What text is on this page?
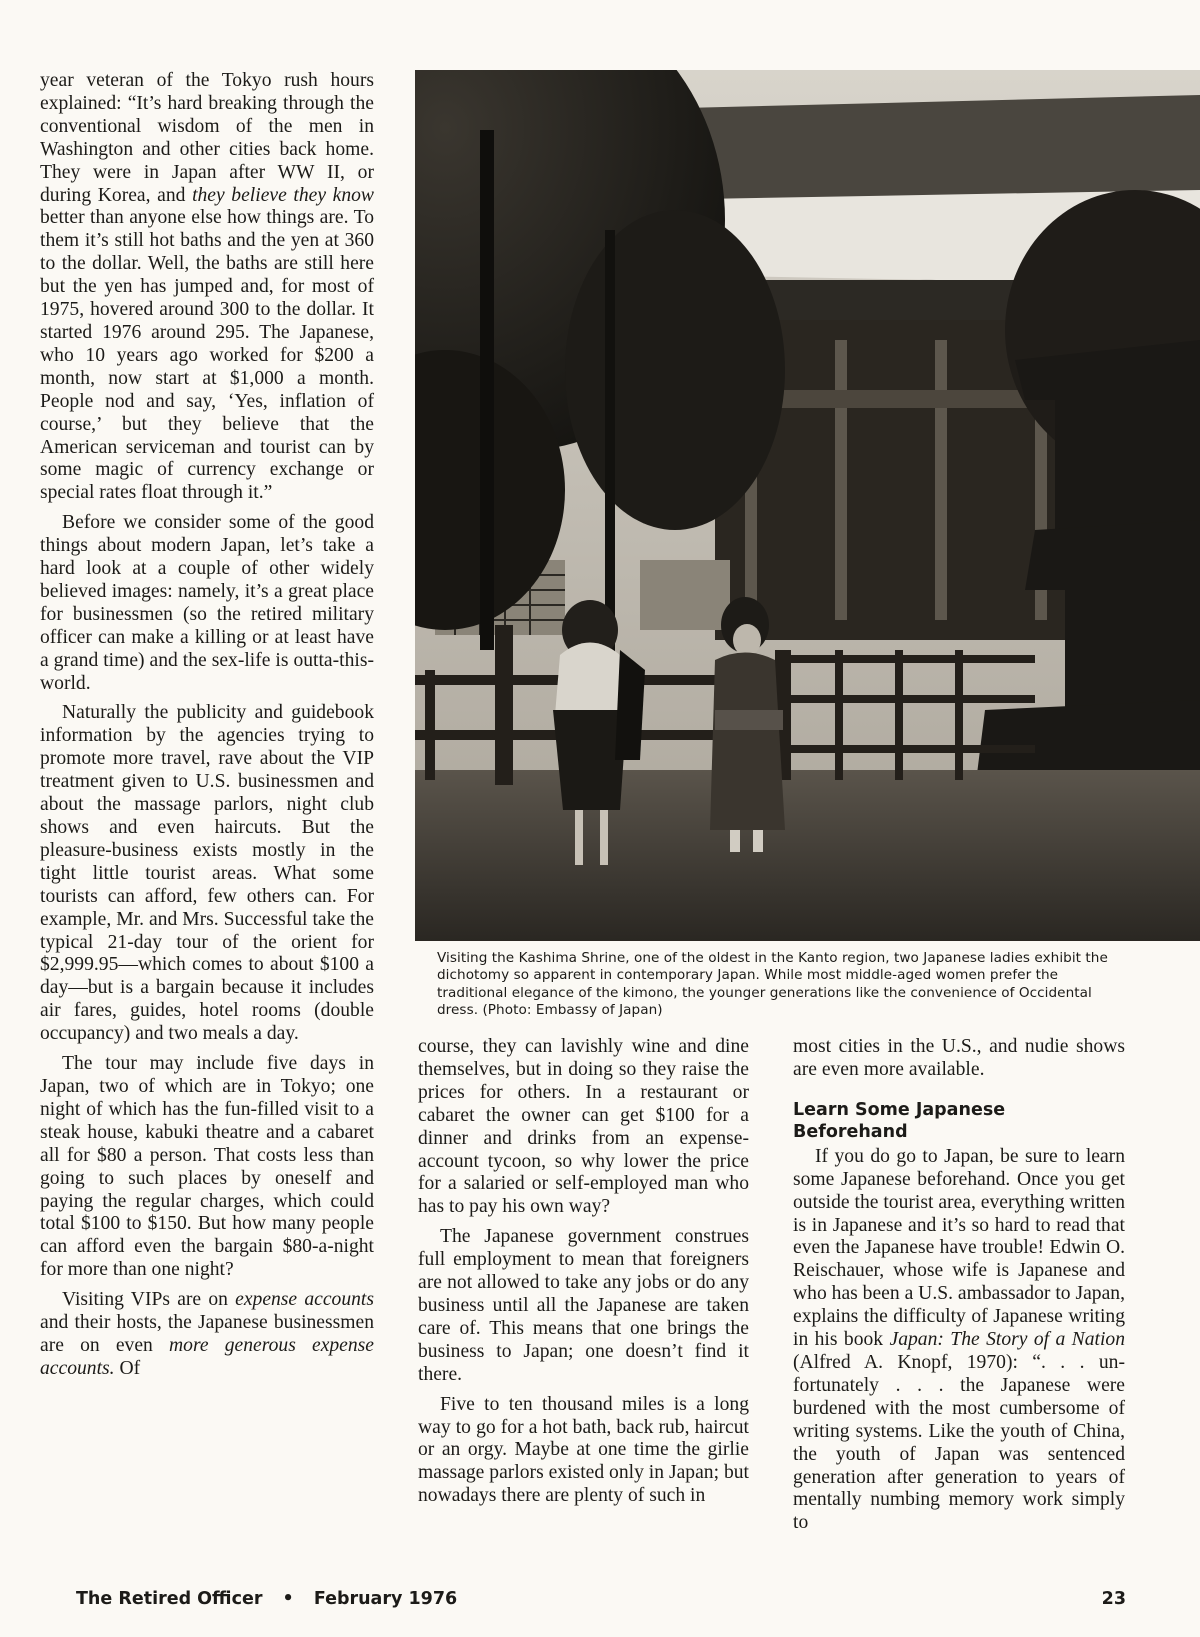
year veteran of the Tokyo rush hours explained: “It’s hard breaking through the conventional wisdom of the men in Washington and other cities back home. They were in Japan after WW II, or during Korea, and they believe they know better than anyone else how things are. To them it’s still hot baths and the yen at 360 to the dollar. Well, the baths are still here but the yen has jumped and, for most of 1975, hovered around 300 to the dollar. It started 1976 around 295. The Japanese, who 10 years ago worked for $200 a month, now start at $1,000 a month. People nod and say, ‘Yes, inflation of course,’ but they believe that the American serviceman and tourist can by some magic of currency exchange or special rates float through it.”

Before we consider some of the good things about modern Japan, let’s take a hard look at a couple of other widely believed images: namely, it’s a great place for businessmen (so the retired military officer can make a killing or at least have a grand time) and the sex-life is outta-this-world.

Naturally the publicity and guidebook information by the agencies trying to promote more travel, rave about the VIP treatment given to U.S. businessmen and about the massage parlors, night club shows and even haircuts. But the pleasure-business exists mostly in the tight little tourist areas. What some tourists can afford, few others can. For example, Mr. and Mrs. Successful take the typical 21-day tour of the orient for $2,999.95—which comes to about $100 a day—but is a bargain because it includes air fares, guides, hotel rooms (double occupancy) and two meals a day.

The tour may include five days in Japan, two of which are in Tokyo; one night of which has the fun-filled visit to a steak house, kabuki theatre and a cabaret all for $80 a person. That costs less than going to such places by oneself and paying the regular charges, which could total $100 to $150. But how many people can afford even the bargain $80-a-night for more than one night?

Visiting VIPs are on expense accounts and their hosts, the Japanese businessmen are on even more generous expense accounts. Of

Visiting the Kashima Shrine, one of the oldest in the Kanto region, two Japanese ladies exhibit the dichotomy so apparent in contemporary Japan. While most middle-aged women prefer the traditional elegance of the kimono, the younger generations like the convenience of Occidental dress. (Photo: Embassy of Japan)

course, they can lavishly wine and dine themselves, but in doing so they raise the prices for others. In a restaurant or cabaret the owner can get $100 for a dinner and drinks from an expense-account tycoon, so why lower the price for a salaried or self-employed man who has to pay his own way?

The Japanese government construes full employment to mean that foreigners are not allowed to take any jobs or do any business until all the Japanese are taken care of. This means that one brings the business to Japan; one doesn’t find it there.

Five to ten thousand miles is a long way to go for a hot bath, back rub, haircut or an orgy. Maybe at one time the girlie massage parlors existed only in Japan; but nowadays there are plenty of such in

most cities in the U.S., and nudie shows are even more available.

Learn Some Japanese Beforehand

If you do go to Japan, be sure to learn some Japanese beforehand. Once you get outside the tourist area, everything written is in Japanese and it’s so hard to read that even the Japanese have trouble! Edwin O. Reischauer, whose wife is Japanese and who has been a U.S. ambassador to Japan, explains the difficulty of Japanese writing in his book Japan: The Story of a Nation (Alfred A. Knopf, 1970): “. . . unfortunately . . . the Japanese were burdened with the most cumbersome of writing systems. Like the youth of China, the youth of Japan was sentenced generation after generation to years of mentally numbing memory work simply to

The Retired Officer • February 1976	23
